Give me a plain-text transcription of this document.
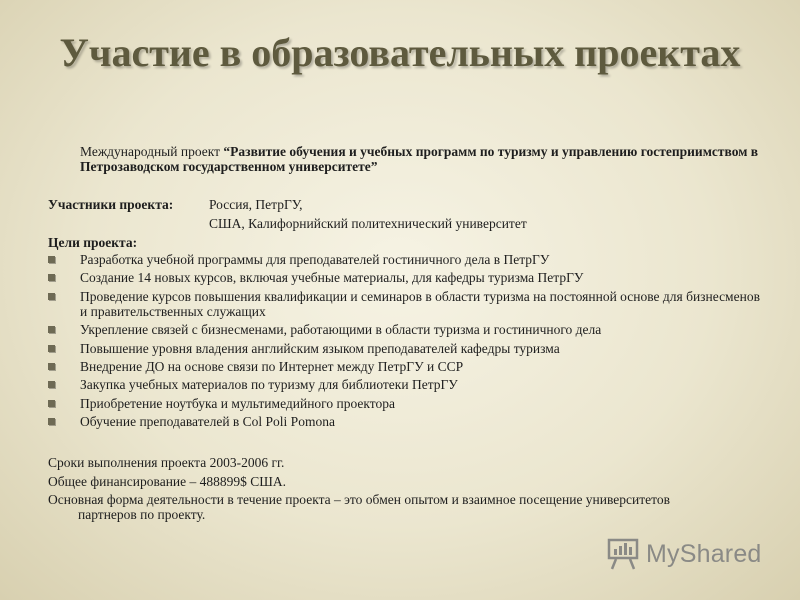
Участие в образовательных проектах
Международный проект “Развитие обучения и учебных программ по туризму и управлению гостеприимством в Петрозаводском государственном университете”
Участники проекта:	Россия, ПетрГУ,
США, Калифорнийский политехнический университет
Цели проекта:
Разработка учебной программы для преподавателей гостиничного дела в ПетрГУ
Создание 14 новых курсов, включая учебные материалы, для кафедры туризма ПетрГУ
Проведение курсов повышения квалификации и семинаров в области туризма на постоянной основе для бизнесменов и правительственных служащих
Укрепление связей с бизнесменами, работающими в области туризма и гостиничного дела
Повышение уровня владения английским языком преподавателей кафедры туризма
Внедрение ДО на основе связи по Интернет между ПетрГУ и ССР
Закупка учебных материалов по туризму для библиотеки ПетрГУ
Приобретение ноутбука и мультимедийного проектора
Обучение преподавателей в Col Poli Pomona
Сроки выполнения проекта 2003-2006 гг.
Общее финансирование – 488899$ США.
Основная форма деятельности в течение проекта – это обмен опытом и взаимное посещение университетов
партнеров по проекту.
MyShared
